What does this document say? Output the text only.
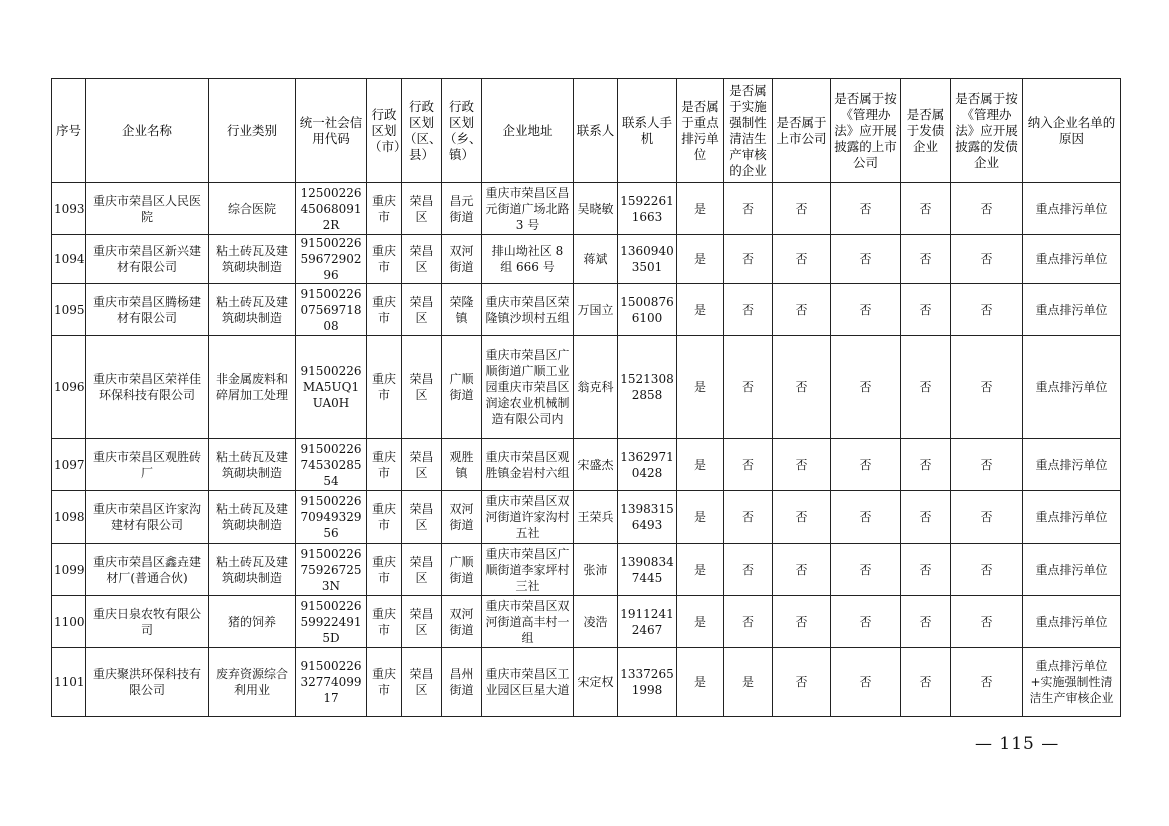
序号	企业名称	行业类别	统一社会信用代码	行政区划（市）	行政区划（区、县）	行政区划（乡、镇）	企业地址	联系人	联系人手机	是否属于重点排污单位	是否属于实施强制性清洁生产审核的企业	是否属于上市公司	是否属于按《管理办法》应开展披露的上市公司	是否属于发债企业	是否属于按《管理办法》应开展披露的发债企业	纳入企业名单的原因
1093	重庆市荣昌区人民医院	综合医院	12500226450680912R	重庆市	荣昌区	昌元街道	重庆市荣昌区昌元街道广场北路 3 号	吴晓敏	15922611663	是	否	否	否	否	否	重点排污单位
1094	重庆市荣昌区新兴建材有限公司	粘土砖瓦及建筑砌块制造	915002265967290296	重庆市	荣昌区	双河街道	排山坳社区 8 组 666 号	蒋斌	13609403501	是	否	否	否	否	否	重点排污单位
1095	重庆市荣昌区腾杨建材有限公司	粘土砖瓦及建筑砌块制造	915002260756971808	重庆市	荣昌区	荣隆镇	重庆市荣昌区荣隆镇沙坝村五组	万国立	15008766100	是	否	否	否	否	否	重点排污单位
1096	重庆市荣昌区荣祥佳环保科技有限公司	非金属废料和碎屑加工处理	91500226MA5UQ1UA0H	重庆市	荣昌区	广顺街道	重庆市荣昌区广顺街道广顺工业园重庆市荣昌区润途农业机械制造有限公司内	翁克科	15213082858	是	否	否	否	否	否	重点排污单位
1097	重庆市荣昌区观胜砖厂	粘土砖瓦及建筑砌块制造	915002267453028554	重庆市	荣昌区	观胜镇	重庆市荣昌区观胜镇金岩村六组	宋盛杰	13629710428	是	否	否	否	否	否	重点排污单位
1098	重庆市荣昌区许家沟建材有限公司	粘土砖瓦及建筑砌块制造	915002267094932956	重庆市	荣昌区	双河街道	重庆市荣昌区双河街道许家沟村五社	王荣兵	13983156493	是	否	否	否	否	否	重点排污单位
1099	重庆市荣昌区鑫垚建材厂(普通合伙)	粘土砖瓦及建筑砌块制造	91500226759267253N	重庆市	荣昌区	广顺街道	重庆市荣昌区广顺街道李家坪村三社	张沛	13908347445	是	否	否	否	否	否	重点排污单位
1100	重庆日泉农牧有限公司	猪的饲养	91500226599224915D	重庆市	荣昌区	双河街道	重庆市荣昌区双河街道高丰村一组	凌浩	19112412467	是	否	否	否	否	否	重点排污单位
1101	重庆聚洪环保科技有限公司	废弃资源综合利用业	915002263277409917	重庆市	荣昌区	昌州街道	重庆市荣昌区工业园区巨星大道	宋定权	13372651998	是	是	否	否	否	否	重点排污单位+实施强制性清洁生产审核企业
— 115 —
